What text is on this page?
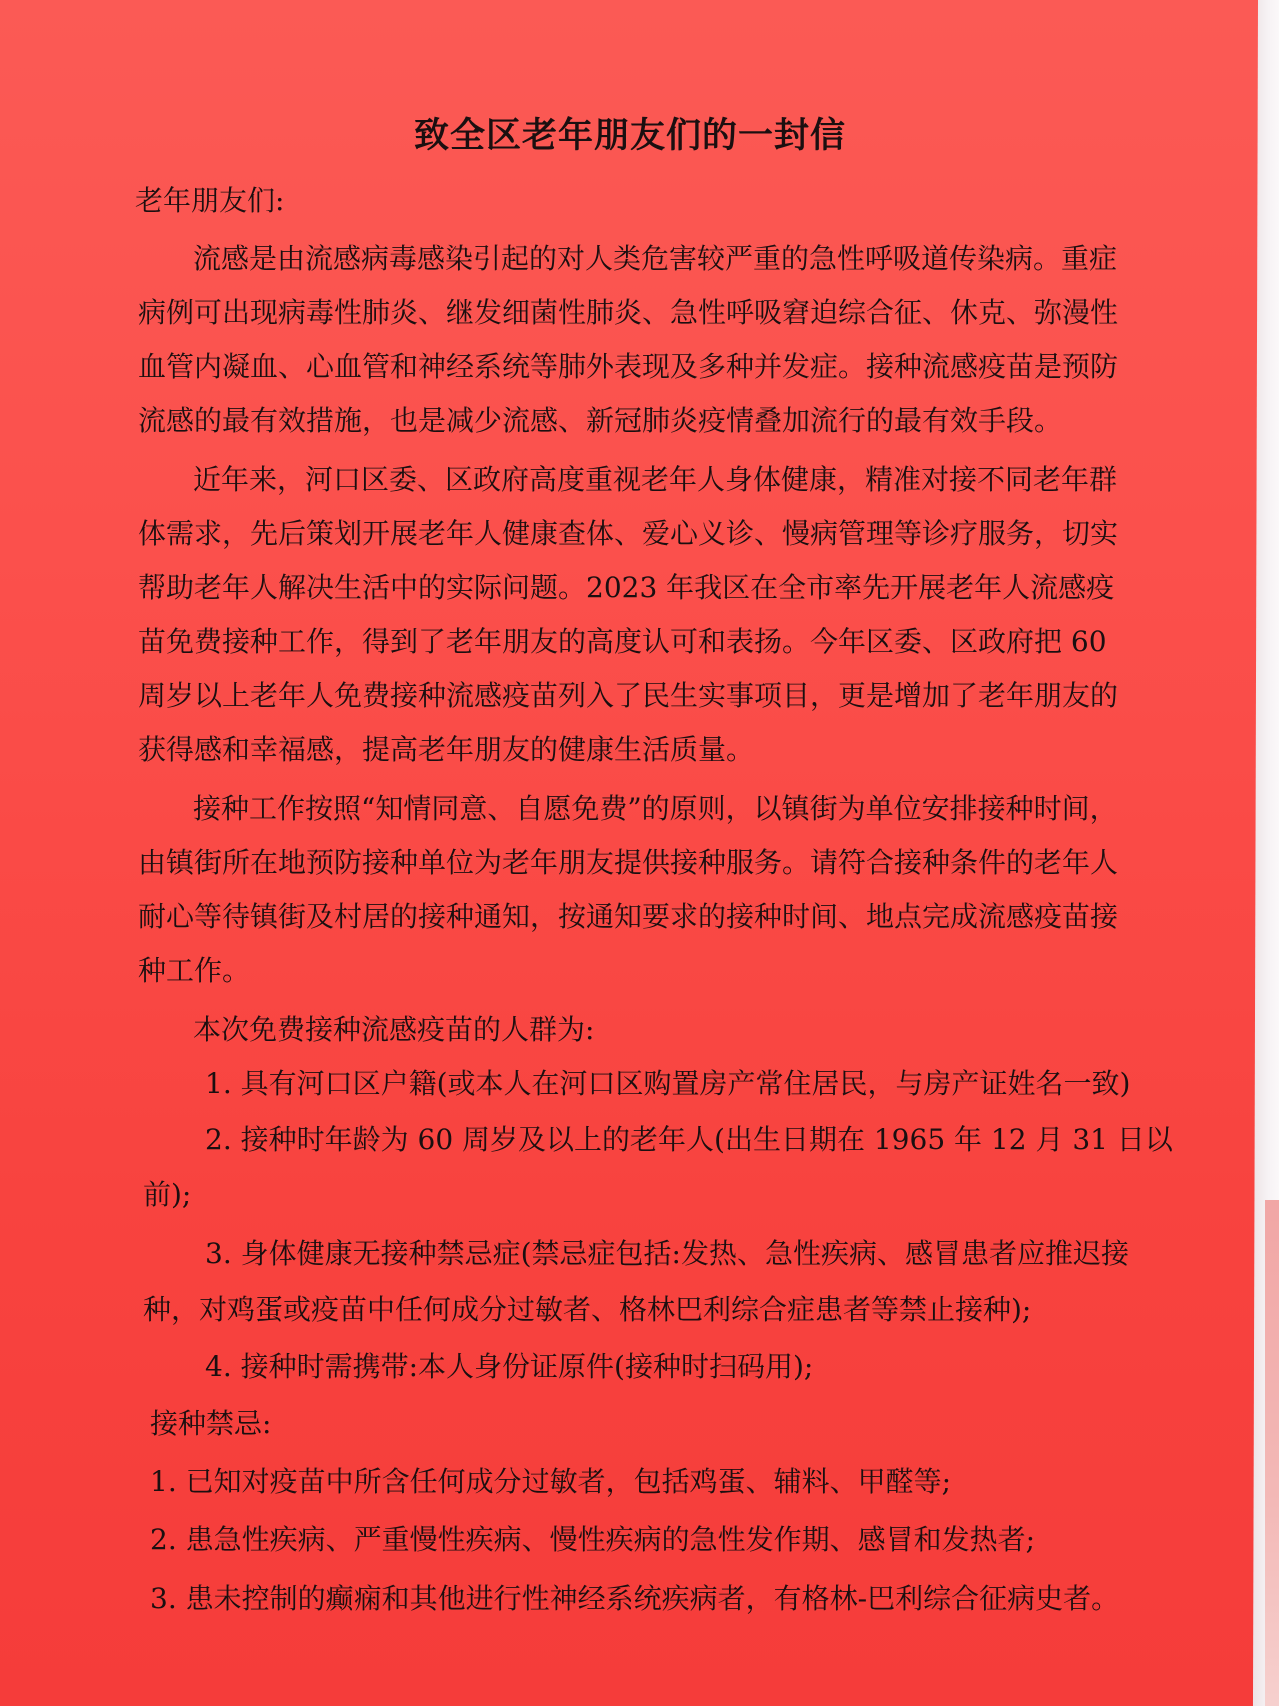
致全区老年朋友们的一封信
老年朋友们:
流感是由流感病毒感染引起的对人类危害较严重的急性呼吸道传染病。重症
病例可出现病毒性肺炎、继发细菌性肺炎、急性呼吸窘迫综合征、休克、弥漫性
血管内凝血、心血管和神经系统等肺外表现及多种并发症。接种流感疫苗是预防
流感的最有效措施，也是减少流感、新冠肺炎疫情叠加流行的最有效手段。
近年来，河口区委、区政府高度重视老年人身体健康，精准对接不同老年群
体需求，先后策划开展老年人健康查体、爱心义诊、慢病管理等诊疗服务，切实
帮助老年人解决生活中的实际问题。2023 年我区在全市率先开展老年人流感疫
苗免费接种工作，得到了老年朋友的高度认可和表扬。今年区委、区政府把 60
周岁以上老年人免费接种流感疫苗列入了民生实事项目，更是增加了老年朋友的
获得感和幸福感，提高老年朋友的健康生活质量。
接种工作按照“知情同意、自愿免费”的原则，以镇街为单位安排接种时间，
由镇街所在地预防接种单位为老年朋友提供接种服务。请符合接种条件的老年人
耐心等待镇街及村居的接种通知，按通知要求的接种时间、地点完成流感疫苗接
种工作。
本次免费接种流感疫苗的人群为:
1. 具有河口区户籍(或本人在河口区购置房产常住居民，与房产证姓名一致)
2. 接种时年龄为 60 周岁及以上的老年人(出生日期在 1965 年 12 月 31 日以
前);
3. 身体健康无接种禁忌症(禁忌症包括:发热、急性疾病、感冒患者应推迟接
种，对鸡蛋或疫苗中任何成分过敏者、格林巴利综合症患者等禁止接种);
4. 接种时需携带:本人身份证原件(接种时扫码用);
接种禁忌:
1. 已知对疫苗中所含任何成分过敏者，包括鸡蛋、辅料、甲醛等;
2. 患急性疾病、严重慢性疾病、慢性疾病的急性发作期、感冒和发热者;
3. 患未控制的癫痫和其他进行性神经系统疾病者，有格林-巴利综合征病史者。
